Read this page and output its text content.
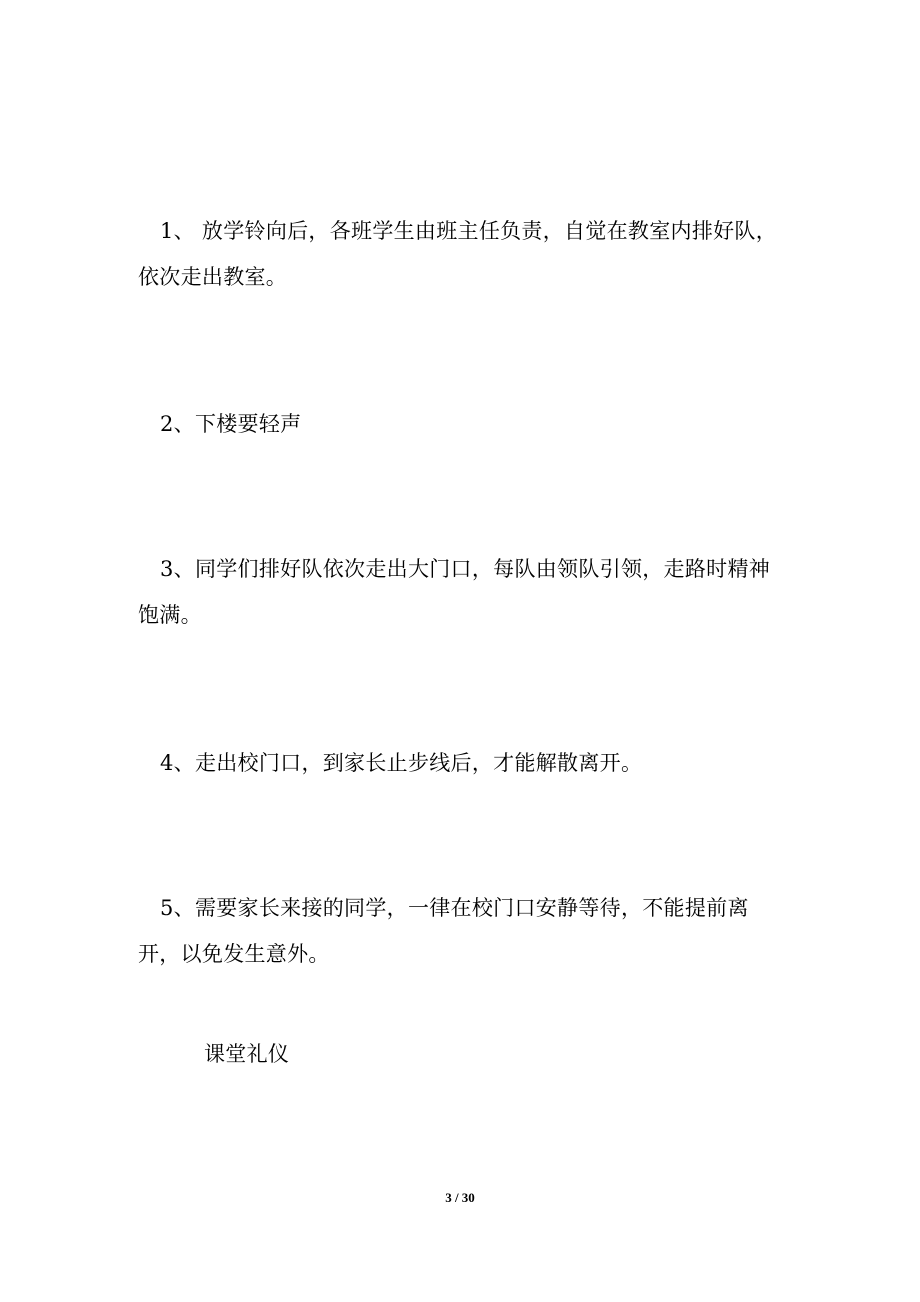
1、 放学铃向后，各班学生由班主任负责，自觉在教室内排好队，依次走出教室。

2、下楼要轻声

3、同学们排好队依次走出大门口，每队由领队引领，走路时精神饱满。

4、走出校门口，到家长止步线后，才能解散离开。

5、需要家长来接的同学，一律在校门口安静等待，不能提前离开，以免发生意外。

课堂礼仪
3 / 30
